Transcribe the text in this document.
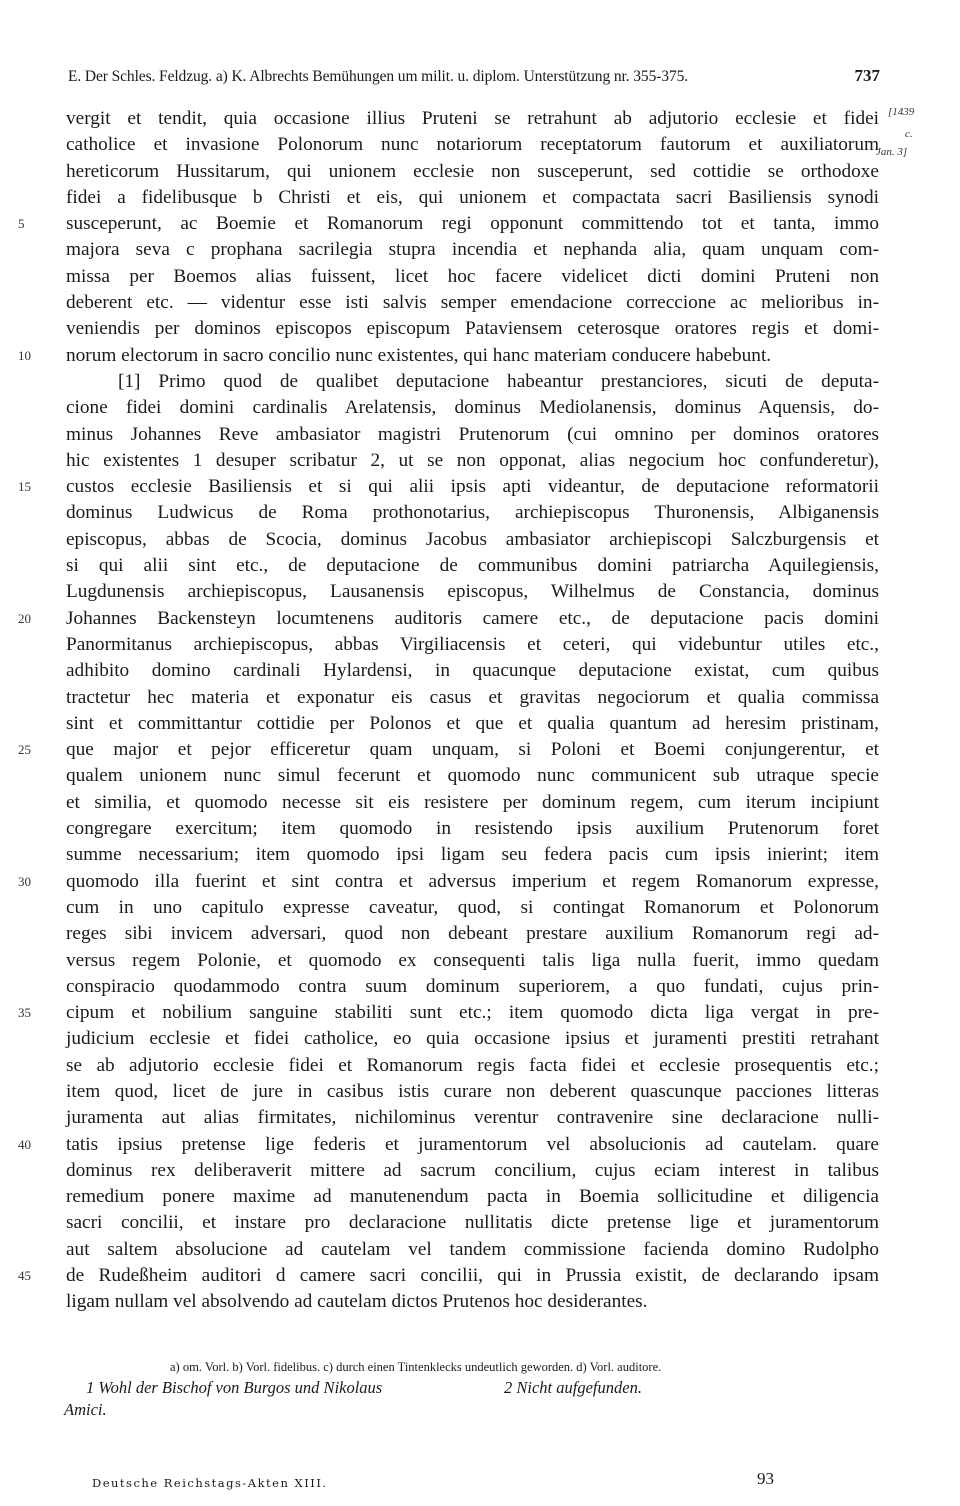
E. Der Schles. Feldzug. a) K. Albrechts Bemühungen um milit. u. diplom. Unterstützung nr. 355-375.	737
[1439
c.
Jan. 3]
vergit et tendit, quia occasione illius Pruteni se retrahunt ab adjutorio ecclesie et fidei
catholice et invasione Polonorum nunc notariorum receptatorum fautorum et auxiliatorum
hereticorum Hussitarum, qui unionem ecclesie non susceperunt, sed cottidie se orthodoxe
fidei a fidelibusque b Christi et eis, qui unionem et compactata sacri Basiliensis synodi
5	susceperunt, ac Boemie et Romanorum regi opponunt committendo tot et tanta, immo
majora seva c prophana sacrilegia stupra incendia et nephanda alia, quam unquam com-
missa per Boemos alias fuissent, licet hoc facere videlicet dicti domini Pruteni non
deberent etc. — videntur esse isti salvis semper emendacione correccione ac melioribus in-
veniendis per dominos episcopos episcopum Pataviensem ceterosque oratores regis et domi-
10	norum electorum in sacro concilio nunc existentes, qui hanc materiam conducere habebunt.
[1] Primo quod de qualibet deputacione habeantur prestanciores, sicuti de deputa-
cione fidei domini cardinalis Arelatensis, dominus Mediolanensis, dominus Aquensis, do-
minus Johannes Reve ambasiator magistri Prutenorum (cui omnino per dominos oratores
hic existentes 1 desuper scribatur 2, ut se non opponat, alias negocium hoc confunderetur),
15	custos ecclesie Basiliensis et si qui alii ipsis apti videantur, de deputacione reformatorii
dominus Ludwicus de Roma prothonotarius, archiepiscopus Thuronensis, Albiganensis
episcopus, abbas de Scocia, dominus Jacobus ambasiator archiepiscopi Salczburgensis et
si qui alii sint etc., de deputacione de communibus domini patriarcha Aquilegiensis,
Lugdunensis archiepiscopus, Lausanensis episcopus, Wilhelmus de Constancia, dominus
20	Johannes Backensteyn locumtenens auditoris camere etc., de deputacione pacis domini
Panormitanus archiepiscopus, abbas Virgiliacensis et ceteri, qui videbuntur utiles etc.,
adhibito domino cardinali Hylardensi, in quacunque deputacione existat, cum quibus
tractetur hec materia et exponatur eis casus et gravitas negociorum et qualia commissa
sint et committantur cottidie per Polonos et que et qualia quantum ad heresim pristinam,
25	que major et pejor efficeretur quam unquam, si Poloni et Boemi conjungerentur, et
qualem unionem nunc simul fecerunt et quomodo nunc communicent sub utraque specie
et similia, et quomodo necesse sit eis resistere per dominum regem, cum iterum incipiunt
congregare exercitum; item quomodo in resistendo ipsis auxilium Prutenorum foret
summe necessarium; item quomodo ipsi ligam seu federa pacis cum ipsis inierint; item
30	quomodo illa fuerint et sint contra et adversus imperium et regem Romanorum expresse,
cum in uno capitulo expresse caveatur, quod, si contingat Romanorum et Polonorum
reges sibi invicem adversari, quod non debeant prestare auxilium Romanorum regi ad-
versus regem Polonie, et quomodo ex consequenti talis liga nulla fuerit, immo quedam
conspiracio quodammodo contra suum dominum superiorem, a quo fundati, cujus prin-
35	cipum et nobilium sanguine stabiliti sunt etc.; item quomodo dicta liga vergat in pre-
judicium ecclesie et fidei catholice, eo quia occasione ipsius et juramenti prestiti retrahant
se ab adjutorio ecclesie fidei et Romanorum regis facta fidei et ecclesie prosequentis etc.;
item quod, licet de jure in casibus istis curare non deberent quascunque pacciones litteras
juramenta aut alias firmitates, nichilominus verentur contravenire sine declaracione nulli-
40	tatis ipsius pretense lige federis et juramentorum vel absolucionis ad cautelam. quare
dominus rex deliberaverit mittere ad sacrum concilium, cujus eciam interest in talibus
remedium ponere maxime ad manutenendum pacta in Boemia sollicitudine et diligencia
sacri concilii, et instare pro declaracione nullitatis dicte pretense lige et juramentorum
aut saltem absolucione ad cautelam vel tandem commissione facienda domino Rudolpho
45	de Rudeßheim auditori d camere sacri concilii, qui in Prussia existit, de declarando ipsam
ligam nullam vel absolvendo ad cautelam dictos Prutenos hoc desiderantes.
a) om. Vorl. b) Vorl. fidelibus. c) durch einen Tintenklecks undeutlich geworden. d) Vorl. auditore.
1 Wohl der Bischof von Burgos und Nikolaus
Amici.
2 Nicht aufgefunden.
Deutsche Reichstags-Akten XIII.	93
